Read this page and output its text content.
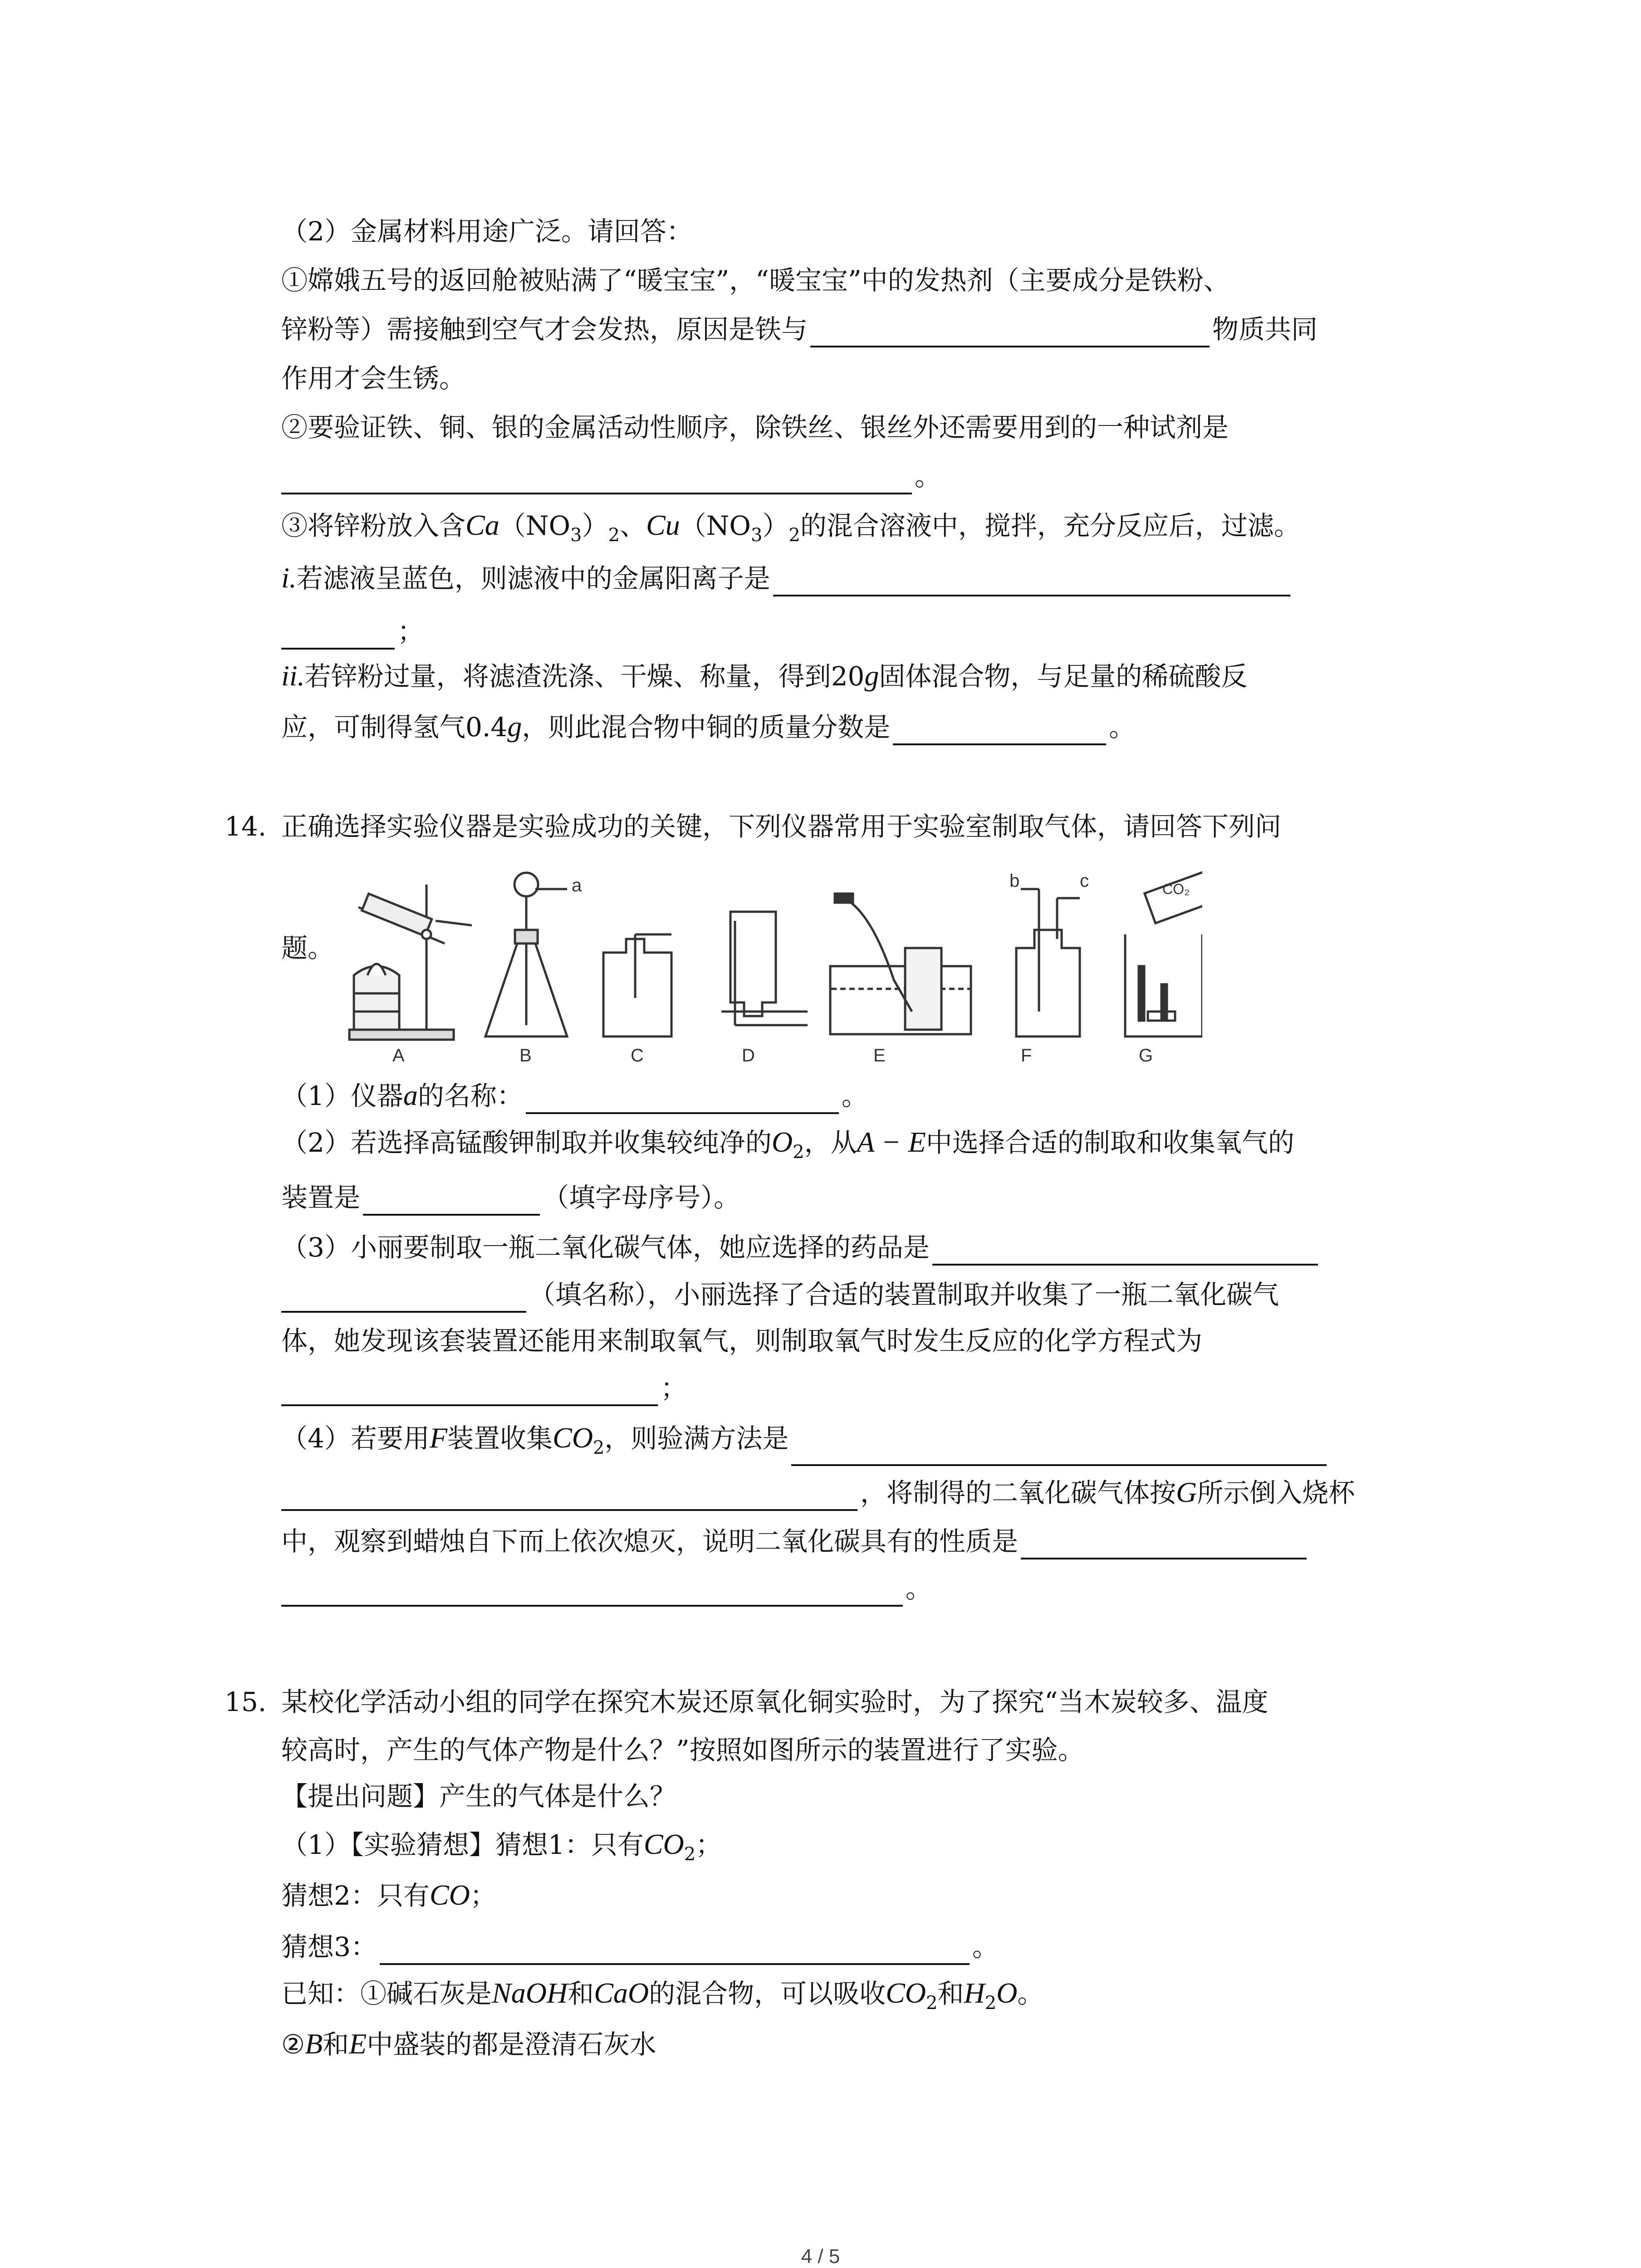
（2）金属材料用途广泛。请回答：
①嫦娥五号的返回舱被贴满了“暖宝宝”，“暖宝宝”中的发热剂（主要成分是铁粉、
锌粉等）需接触到空气才会发热，原因是铁与	物质共同
作用才会生锈。
②要验证铁、铜、银的金属活动性顺序，除铁丝、银丝外还需要用到的一种试剂是
。
③将锌粉放入含$Ca(NO_3)_2$、$Cu(NO_3)_2$的混合溶液中，搅拌，充分反应后，过滤。
i.若滤液呈蓝色，则滤液中的金属阳离子是
；
ii.若锌粉过量，将滤渣洗涤、干燥、称量，得到20g固体混合物，与足量的稀硫酸反
应，可制得氢气0.4g，则此混合物中铜的质量分数是	。
14. 正确选择实验仪器是实验成功的关键，下列仪器常用于实验室制取气体，请回答下列问
题。
CO₂
a	b	c
A	B	C	D	E	F	G
（1）仪器a的名称：	。
（2）若选择高锰酸钾制取并收集较纯净的$O_2$，从A − E中选择合适的制取和收集氧气的
装置是	（填字母序号）。
（3）小丽要制取一瓶二氧化碳气体，她应选择的药品是
（填名称），小丽选择了合适的装置制取并收集了一瓶二氧化碳气
体，她发现该套装置还能用来制取氧气，则制取氧气时发生反应的化学方程式为
；
（4）若要用F装置收集$CO_2$，则验满方法是
，将制得的二氧化碳气体按G所示倒入烧杯
中，观察到蜡烛自下而上依次熄灭，说明二氧化碳具有的性质是
。
15. 某校化学活动小组的同学在探究木炭还原氧化铜实验时，为了探究“当木炭较多、温度
较高时，产生的气体产物是什么？”按照如图所示的装置进行了实验。
【提出问题】产生的气体是什么？
（1）【实验猜想】猜想1：只有$CO_2$；
猜想2：只有CO；
猜想3：	。
已知：①碱石灰是NaOH和CaO的混合物，可以吸收$CO_2$和$H_2O$。
②B和E中盛装的都是澄清石灰水
4 / 5
